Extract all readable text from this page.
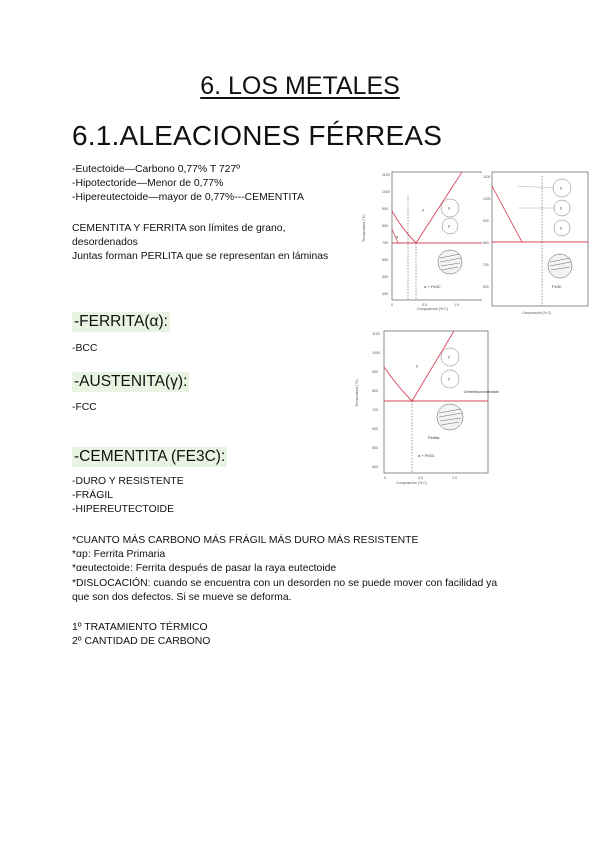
6. LOS METALES
6.1.ALEACIONES FÉRREAS
-Eutectoide—Carbono 0,77% T 727º
-Hipotectoride—Menor de 0,77%
-Hipereutectoide—mayor de 0,77%---CEMENTITA
CEMENTITA Y FERRITA son límites de grano,
desordenados
Juntas forman PERLITA que se representan en láminas
-FERRITA(α):
-BCC
-AUSTENITA(γ):
-FCC
-CEMENTITA (FE3C):
-DURO Y RESISTENTE
-FRÁGIL
-HIPEREUTECTOIDE
*CUANTO MÁS CARBONO MÁS FRÁGIL MÁS DURO MÁS RESISTENTE
*αp: Ferrita Primaria
*αeutectoide: Ferrita después de pasar la raya eutectoide
*DISLOCACIÓN: cuando se encuentra con un desorden no se puede mover con facilidad ya
que son dos defectos. Si se mueve se deforma.
1º TRATAMIENTO TÉRMICO
2º CANTIDAD DE CARBONO
Temperatura (°C)
1100
1000
900
800
700
600
500
400
0	0.5	1.0
Composición (% C)
γ
γ
γ
α
α + Fe3C
1100
1000
900
800
700
600
Composición (% C)
γ
γ
γ
Fe3C
Temperatura (°C)
1100
1000
900
800
700
600
500
400
0	0.5	1.0
Composición (% C)
γ
γ
γ
Perlita
α + Fe3C
Cementita proeutectoide
